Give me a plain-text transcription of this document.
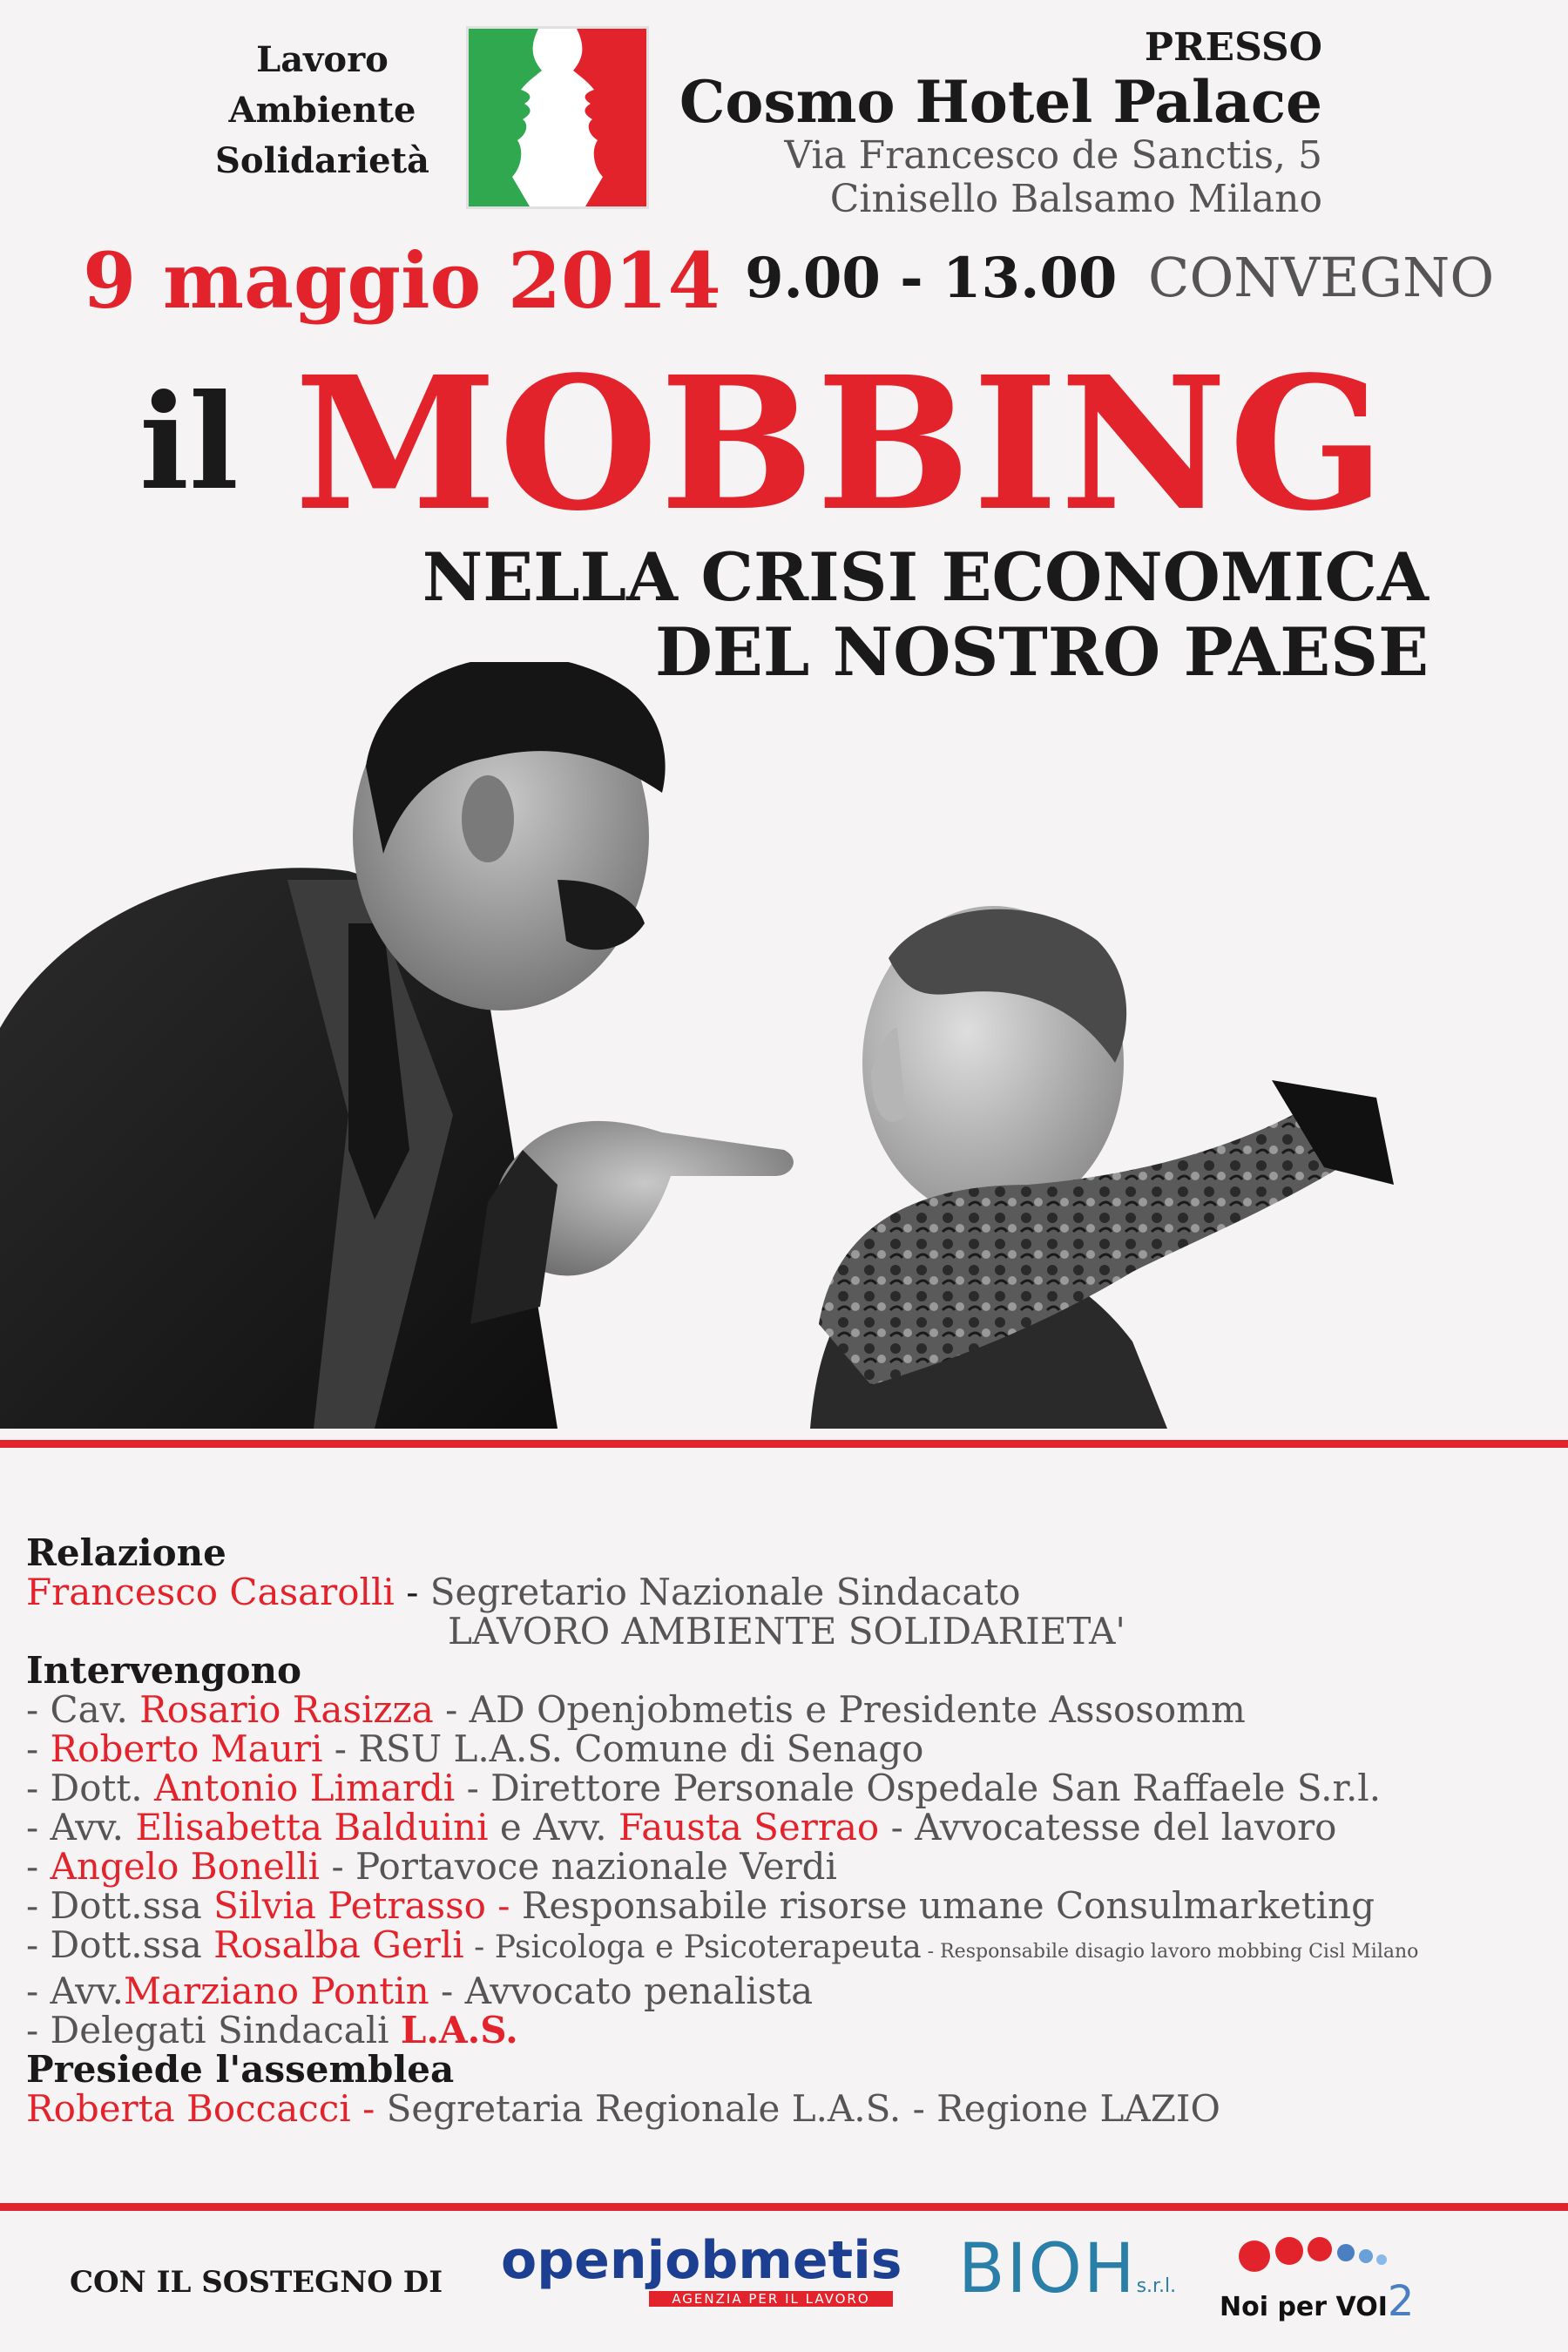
Lavoro
Ambiente
Solidarietà
PRESSO
Cosmo Hotel Palace
Via Francesco de Sanctis, 5
Cinisello Balsamo Milano
9 maggio 2014 9.00 - 13.00 CONVEGNO
il MOBBING
NELLA CRISI ECONOMICA
DEL NOSTRO PAESE
Relazione
Francesco Casarolli - Segretario Nazionale Sindacato
LAVORO AMBIENTE SOLIDARIETA'
Intervengono
- Cav. Rosario Rasizza - AD Openjobmetis e Presidente Assosomm
- Roberto Mauri - RSU L.A.S. Comune di Senago
- Dott. Antonio Limardi - Direttore Personale Ospedale San Raffaele S.r.l.
- Avv. Elisabetta Balduini e Avv. Fausta Serrao - Avvocatesse del lavoro
- Angelo Bonelli - Portavoce nazionale Verdi
- Dott.ssa Silvia Petrasso - Responsabile risorse umane Consulmarketing
- Dott.ssa Rosalba Gerli - Psicologa e Psicoterapeuta - Responsabile disagio lavoro mobbing Cisl Milano
- Avv.Marziano Pontin - Avvocato penalista
- Delegati Sindacali L.A.S.
Presiede l'assemblea
Roberta Boccacci - Segretaria Regionale L.A.S. - Regione LAZIO
CON IL SOSTEGNO DI openjobmetis
AGENZIA PER IL LAVORO	BIOHs.r.l.
Noi per VOI2
